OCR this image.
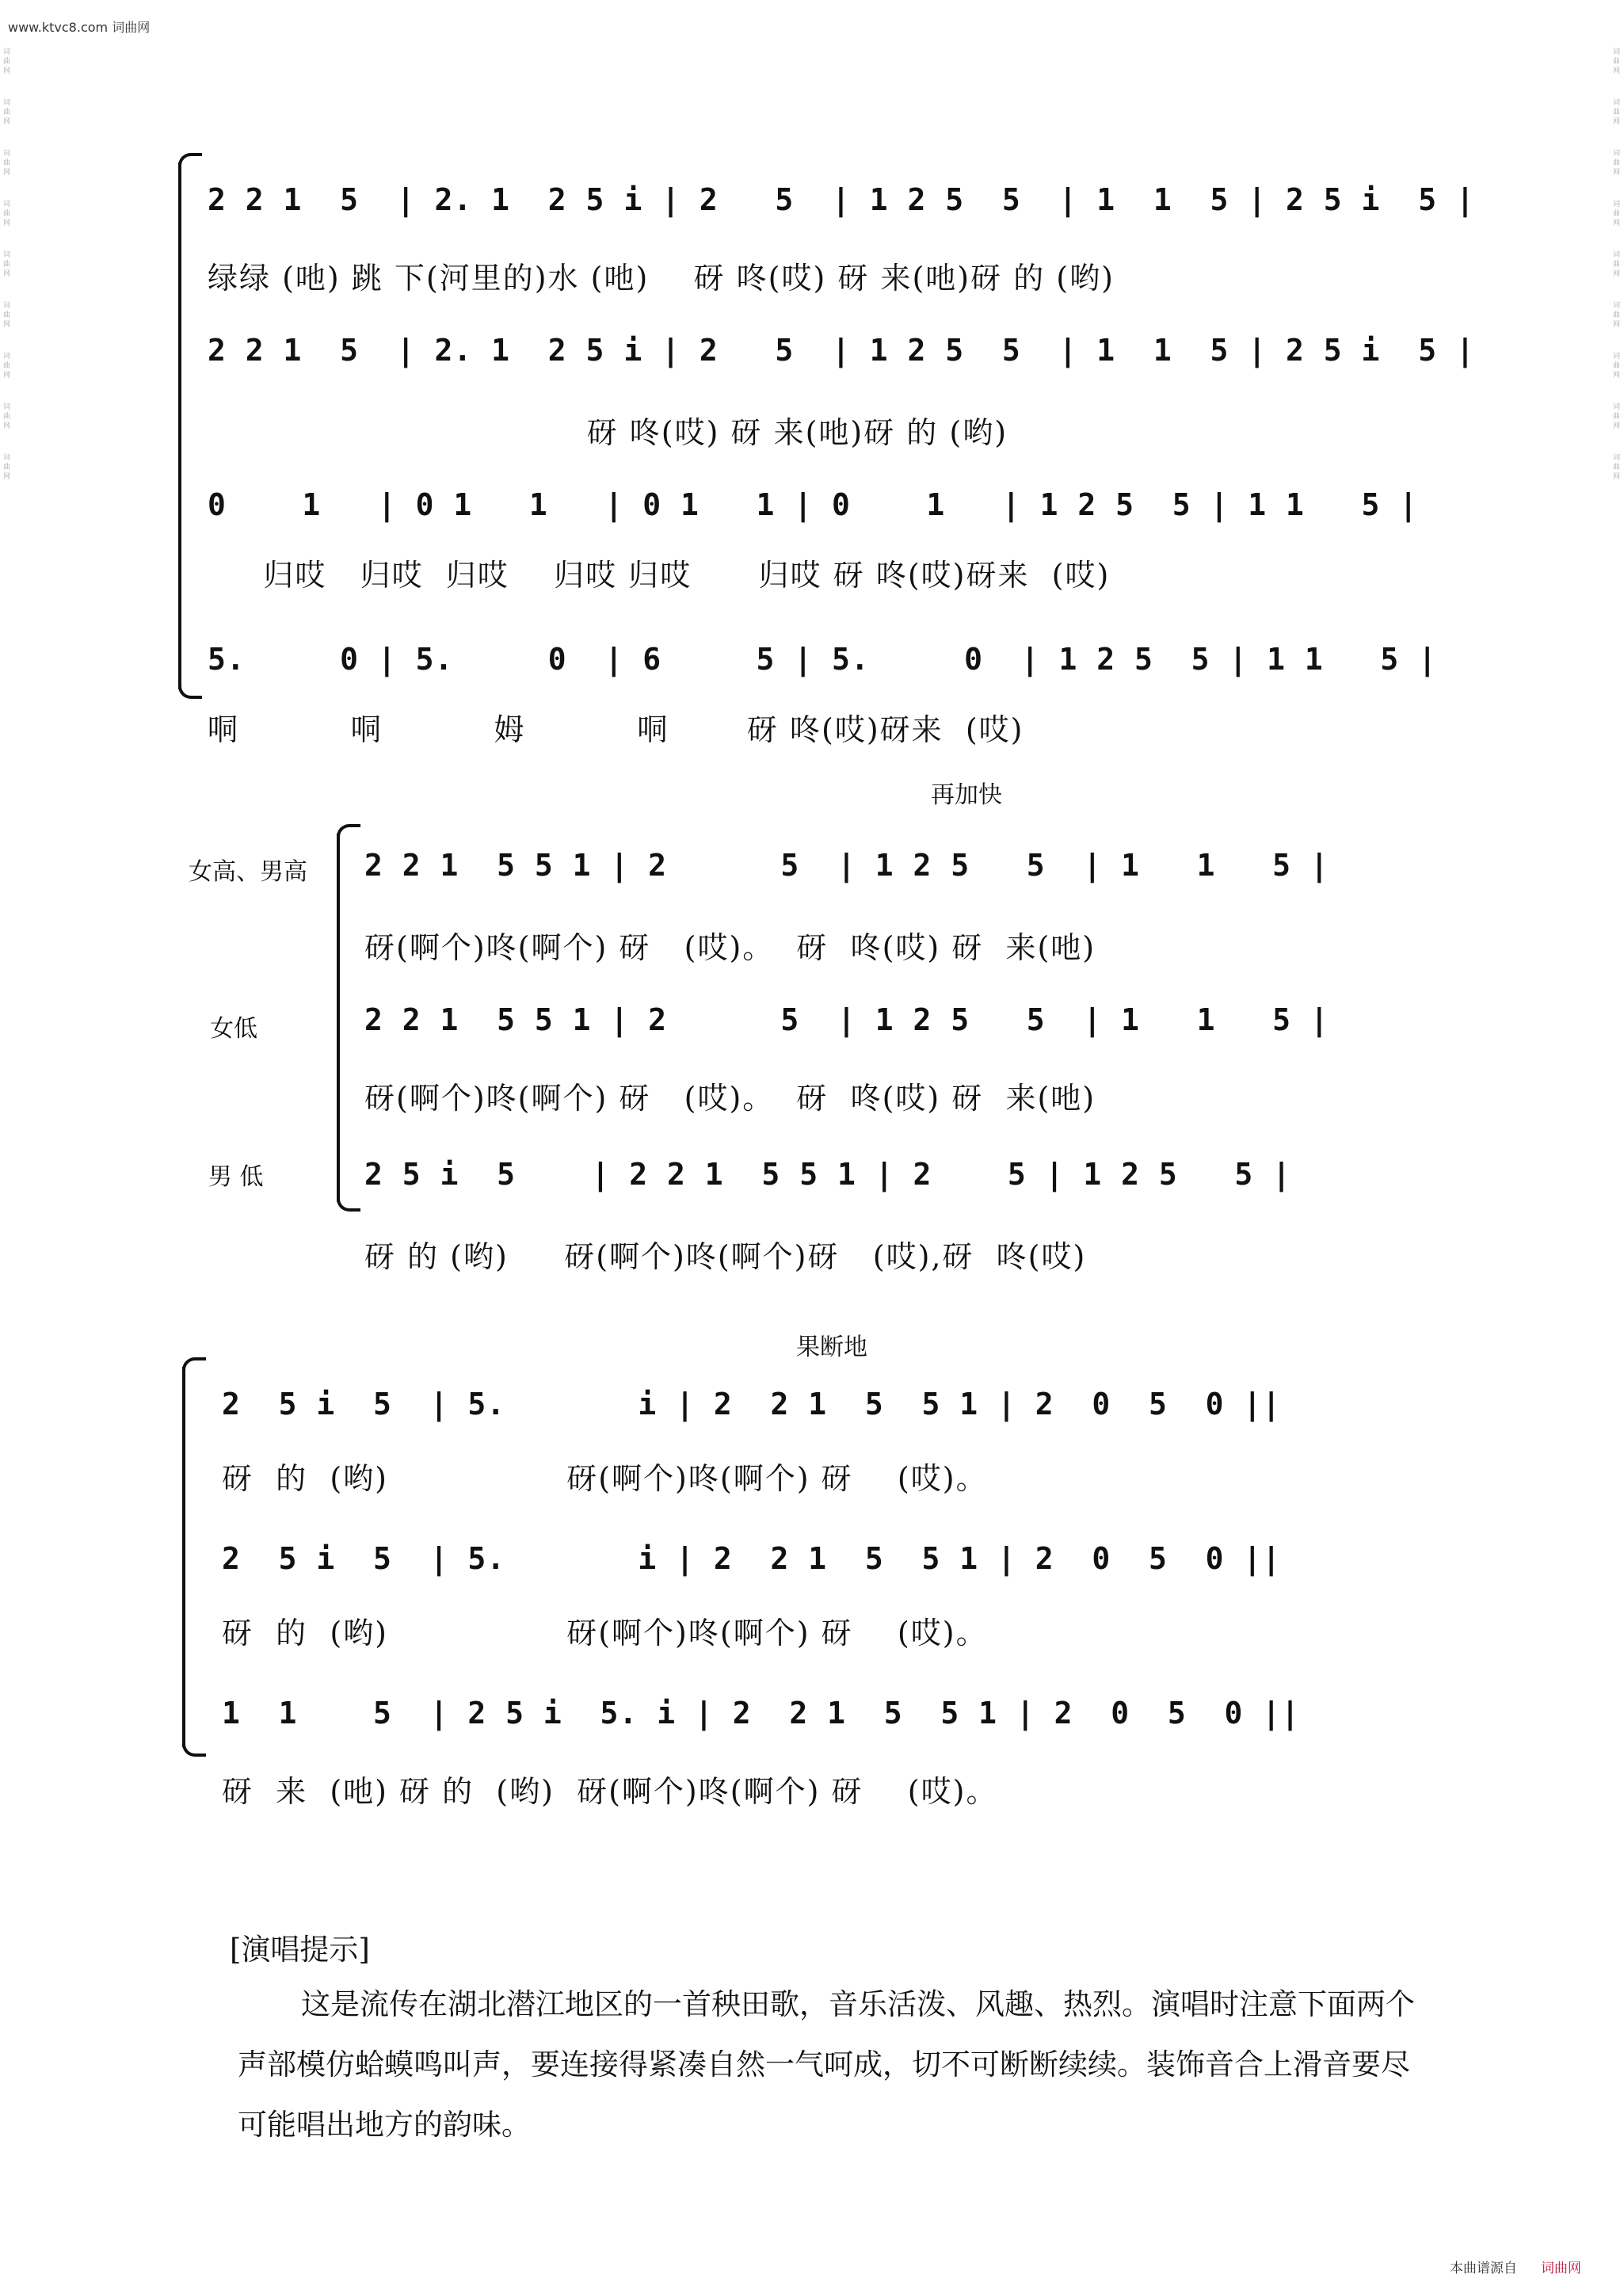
www.ktvc8.com 词曲网
词曲网
词曲网
词曲网
词曲网
词曲网
词曲网
词曲网
词曲网
词曲网
词曲网
词曲网
词曲网
词曲网
词曲网
词曲网
词曲网
词曲网
词曲网
2 2 1  5  | 2. 1  2 5 i | 2   5  | 1 2 5  5  | 1  1  5 | 2 5 i  5 |
绿绿 (吔) 跳 下(河里的)水 (吔)    砑 咚(哎) 砑 来(吔)砑 的 (哟)
2 2 1  5  | 2. 1  2 5 i | 2   5  | 1 2 5  5  | 1  1  5 | 2 5 i  5 |
砑 咚(哎) 砑 来(吔)砑 的 (哟)
0    1   | 0 1   1   | 0 1   1 | 0    1   | 1 2 5  5 | 1 1   5 |
归哎   归哎  归哎    归哎 归哎      归哎 砑 咚(哎)砑来  (哎)
5.     0 | 5.     0  | 6     5 | 5.     0  | 1 2 5  5 | 1 1   5 |
哃          哃          姆          哃       砑 咚(哎)砑来  (哎)
再加快
女高、男高
女低
男 低
2 2 1  5 5 1 | 2      5  | 1 2 5   5  | 1   1   5 |
砑(啊个)咚(啊个) 砑   (哎)。  砑  咚(哎) 砑  来(吔)
2 2 1  5 5 1 | 2      5  | 1 2 5   5  | 1   1   5 |
砑(啊个)咚(啊个) 砑   (哎)。  砑  咚(哎) 砑  来(吔)
2 5 i  5    | 2 2 1  5 5 1 | 2    5 | 1 2 5   5 |
砑 的 (哟)     砑(啊个)咚(啊个)砑   (哎),砑  咚(哎)
果断地
2  5 i  5  | 5.       i | 2  2 1  5  5 1 | 2  0  5  0 ||
砑  的  (哟)                砑(啊个)咚(啊个) 砑    (哎)。
2  5 i  5  | 5.       i | 2  2 1  5  5 1 | 2  0  5  0 ||
砑  的  (哟)                砑(啊个)咚(啊个) 砑    (哎)。
1  1    5  | 2 5 i  5. i | 2  2 1  5  5 1 | 2  0  5  0 ||
砑  来  (吔) 砑 的  (哟)  砑(啊个)咚(啊个) 砑    (哎)。
[演唱提示]
这是流传在湖北潜江地区的一首秧田歌，音乐活泼、风趣、热烈。演唱时注意下面两个声部模仿蛤蟆鸣叫声，要连接得紧凑自然一气呵成，切不可断断续续。装饰音合上滑音要尽可能唱出地方的韵味。
本曲谱源自 词曲网
